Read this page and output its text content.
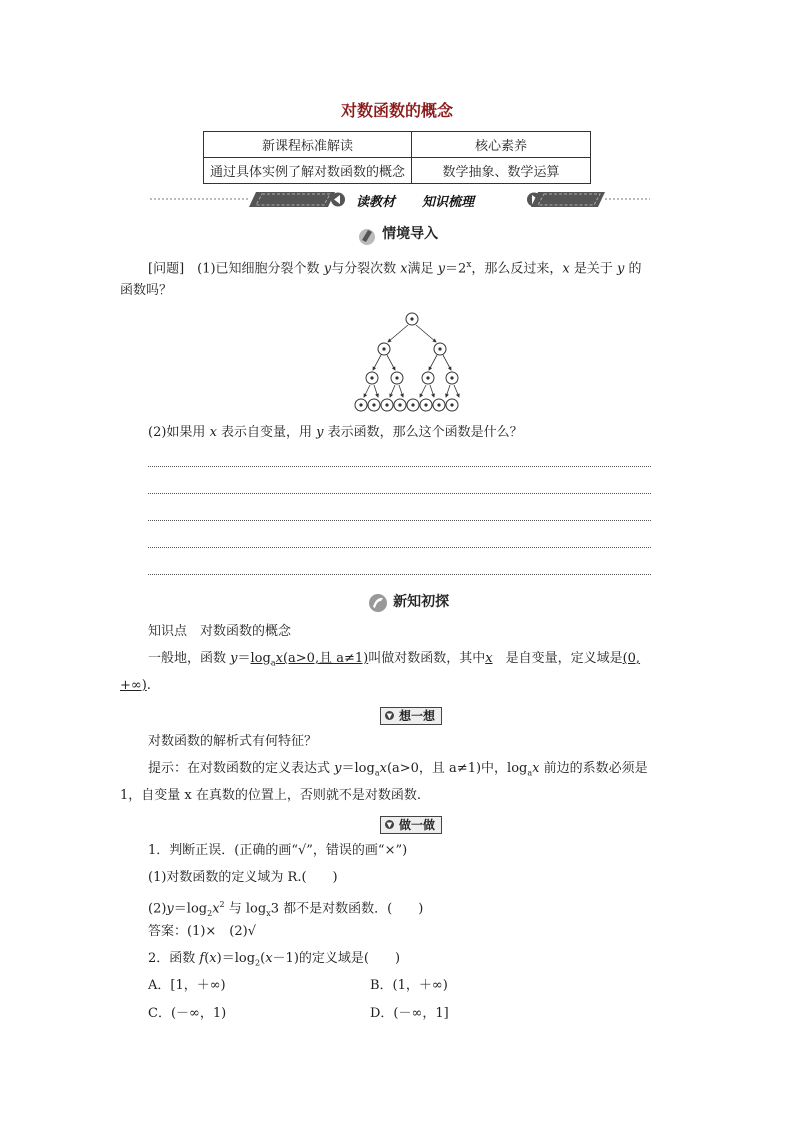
对数函数的概念
新课程标准解读	核心素养
通过具体实例了解对数函数的概念	数学抽象、数学运算
读教材 知识梳理
情境导入
[问题]　(1)已知细胞分裂个数 y与分裂次数 x满足 $y=2^x$，那么反过来，x 是关于 y 的
函数吗？
(2)如果用 x 表示自变量，用 y 表示函数，那么这个函数是什么？
新知初探
知识点　对数函数的概念
一般地，函数 $y=\log_ax(a>0$,且 a≠1)叫做对数函数，其中x　是自变量，定义域是(0,
+∞).
▼ 想一想
对数函数的解析式有何特征？
提示：在对数函数的定义表达式 $y=\log_ax(a>0$，且 a≠1)中，$\log_ax$ 前边的系数必须是
1，自变量 x 在真数的位置上，否则就不是对数函数.
▼ 做一做
1．判断正误．(正确的画“√”，错误的画“×”)
(1)对数函数的定义域为 R.(　　)
$(2)y=\log_2x^2$ 与 $\log_x3$ 都不是对数函数．(　　)
答案：(1)×　(2)√
2．函数 $f(x)=\log_2(x-1)$的定义域是(　　)
A．[1，＋∞)	B．(1，＋∞)
C．(－∞，1)	D．(－∞，1]
